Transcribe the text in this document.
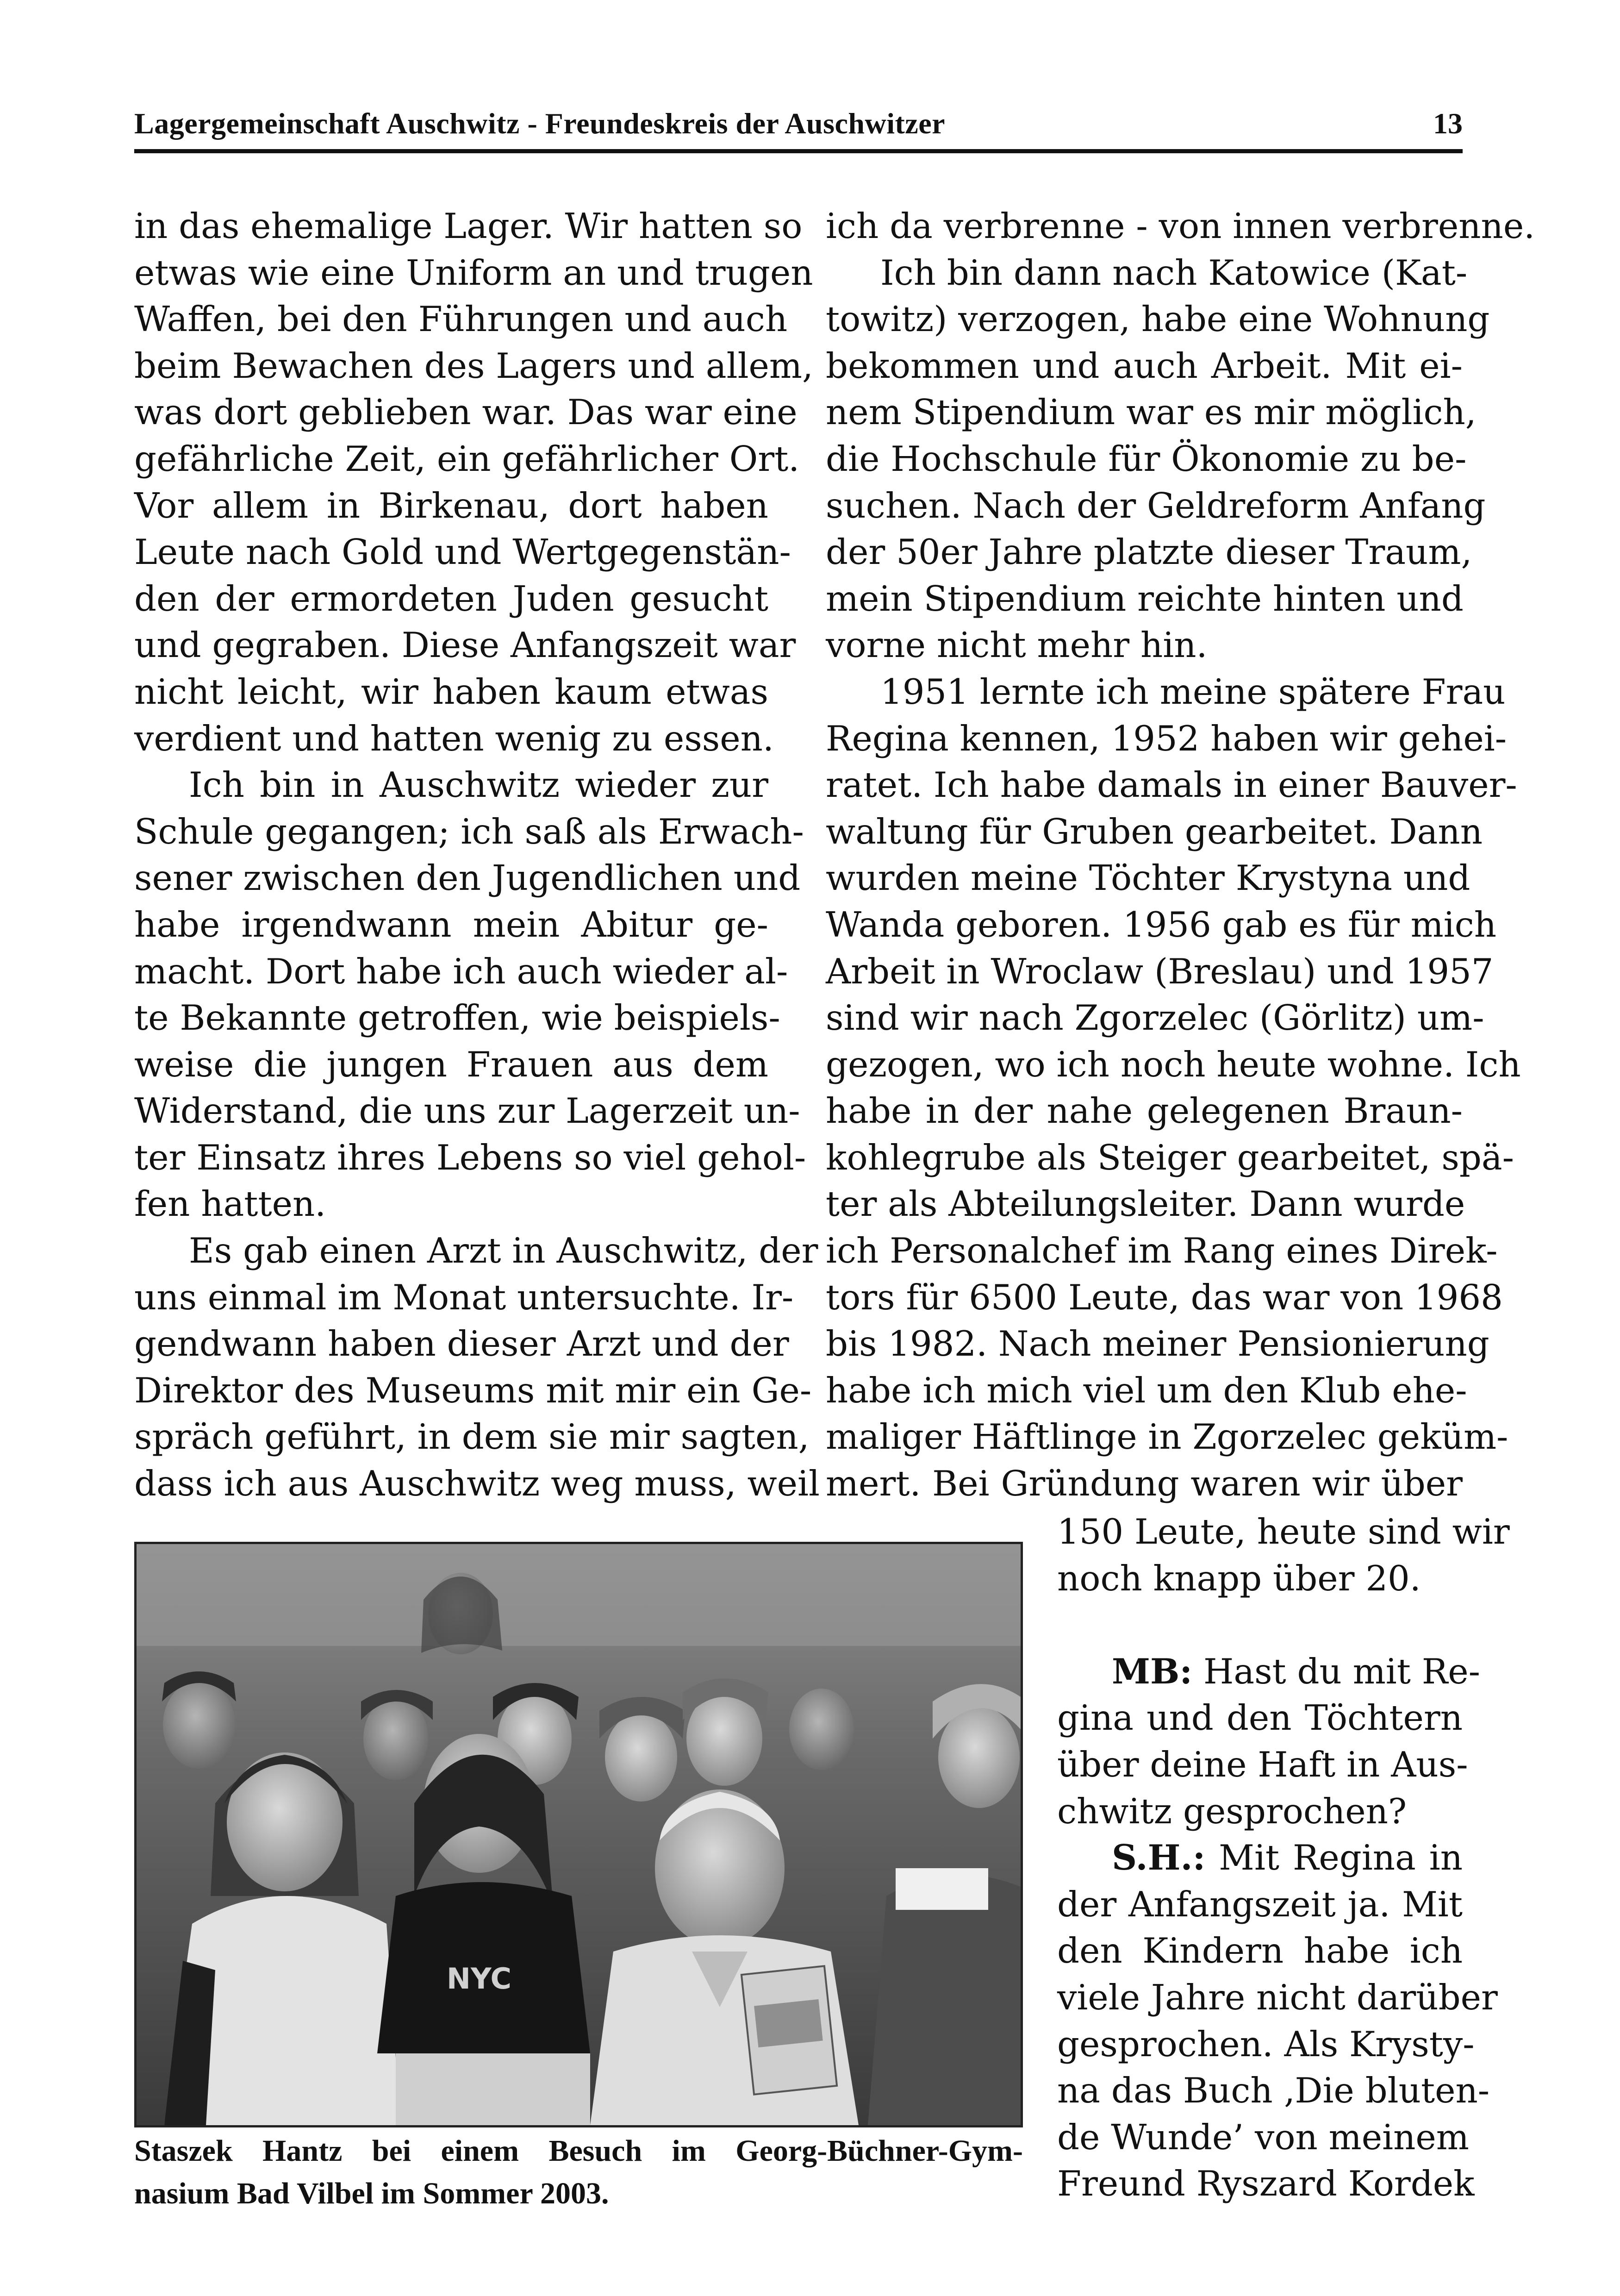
Lagergemeinschaft Auschwitz - Freundeskreis der Auschwitzer	13
in das ehemalige Lager. Wir hatten so
etwas wie eine Uniform an und trugen
Waffen, bei den Führungen und auch
beim Bewachen des Lagers und allem,
was dort geblieben war. Das war eine
gefährliche Zeit, ein gefährlicher Ort.
Vor allem in Birkenau, dort haben
Leute nach Gold und Wertgegenstän-
den der ermordeten Juden gesucht
und gegraben. Diese Anfangszeit war
nicht leicht, wir haben kaum etwas
verdient und hatten wenig zu essen.
Ich bin in Auschwitz wieder zur
Schule gegangen; ich saß als Erwach-
sener zwischen den Jugendlichen und
habe irgendwann mein Abitur ge-
macht. Dort habe ich auch wieder al-
te Bekannte getroffen, wie beispiels-
weise die jungen Frauen aus dem
Widerstand, die uns zur Lagerzeit un-
ter Einsatz ihres Lebens so viel gehol-
fen hatten.
Es gab einen Arzt in Auschwitz, der
uns einmal im Monat untersuchte. Ir-
gendwann haben dieser Arzt und der
Direktor des Museums mit mir ein Ge-
spräch geführt, in dem sie mir sagten,
dass ich aus Auschwitz weg muss, weil
ich da verbrenne - von innen verbrenne.
Ich bin dann nach Katowice (Kat-
towitz) verzogen, habe eine Wohnung
bekommen und auch Arbeit. Mit ei-
nem Stipendium war es mir möglich,
die Hochschule für Ökonomie zu be-
suchen. Nach der Geldreform Anfang
der 50er Jahre platzte dieser Traum,
mein Stipendium reichte hinten und
vorne nicht mehr hin.
1951 lernte ich meine spätere Frau
Regina kennen, 1952 haben wir gehei-
ratet. Ich habe damals in einer Bauver-
waltung für Gruben gearbeitet. Dann
wurden meine Töchter Krystyna und
Wanda geboren. 1956 gab es für mich
Arbeit in Wroclaw (Breslau) und 1957
sind wir nach Zgorzelec (Görlitz) um-
gezogen, wo ich noch heute wohne. Ich
habe in der nahe gelegenen Braun-
kohlegrube als Steiger gearbeitet, spä-
ter als Abteilungsleiter. Dann wurde
ich Personalchef im Rang eines Direk-
tors für 6500 Leute, das war von 1968
bis 1982. Nach meiner Pensionierung
habe ich mich viel um den Klub ehe-
maliger Häftlinge in Zgorzelec geküm-
mert. Bei Gründung waren wir über
150 Leute, heute sind wir
noch knapp über 20.
MB: Hast du mit Re-
gina und den Töchtern
über deine Haft in Aus-
chwitz gesprochen?
S.H.: Mit Regina in
der Anfangszeit ja. Mit
den Kindern habe ich
viele Jahre nicht darüber
gesprochen. Als Krysty-
na das Buch ‚Die bluten-
de Wunde’ von meinem
Freund Ryszard Kordek
NYC
Staszek Hantz bei einem Besuch im Georg-Büchner-Gym-
nasium Bad Vilbel im Sommer 2003.
